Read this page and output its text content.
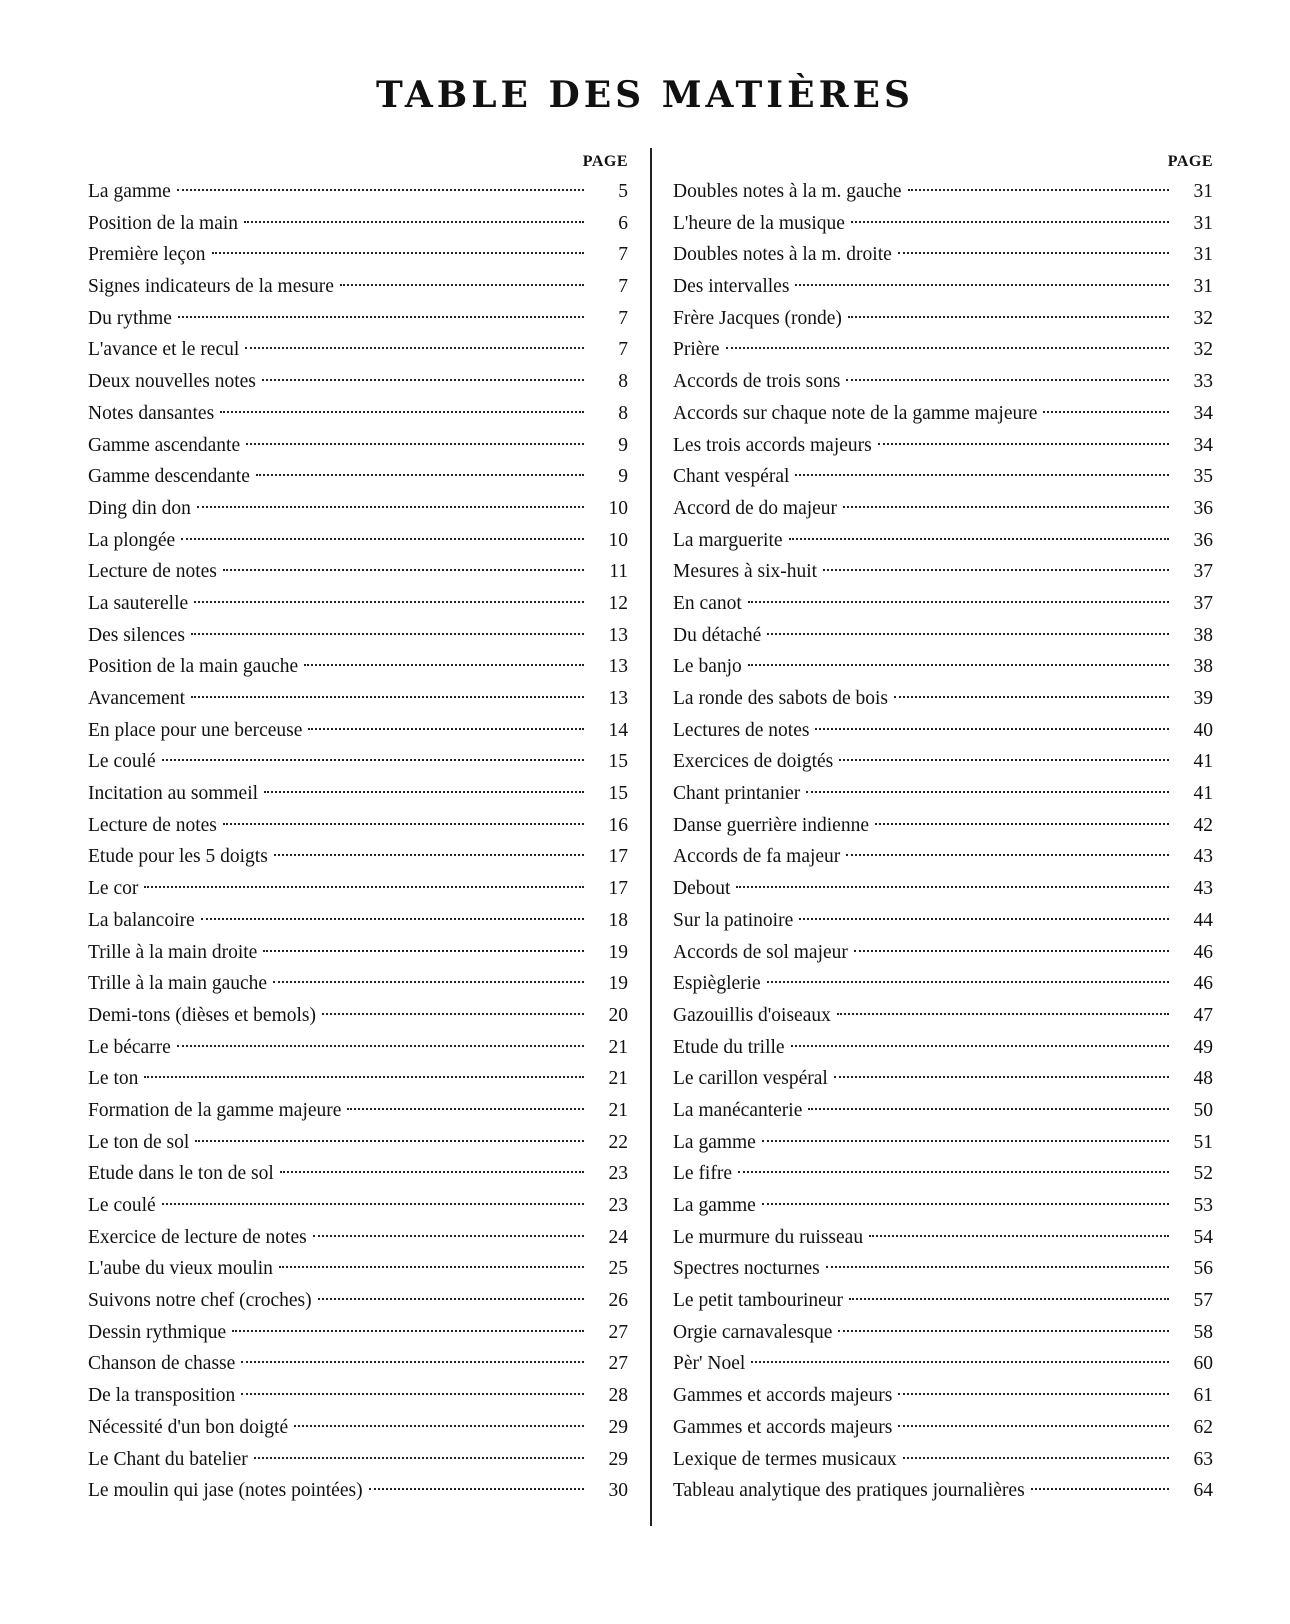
TABLE DES MATIÈRES
PAGE
La gamme	5
Position de la main	6
Première leçon	7
Signes indicateurs de la mesure	7
Du rythme	7
L'avance et le recul	7
Deux nouvelles notes	8
Notes dansantes	8
Gamme ascendante	9
Gamme descendante	9
Ding din don	10
La plongée	10
Lecture de notes	11
La sauterelle	12
Des silences	13
Position de la main gauche	13
Avancement	13
En place pour une berceuse	14
Le coulé	15
Incitation au sommeil	15
Lecture de notes	16
Etude pour les 5 doigts	17
Le cor	17
La balancoire	18
Trille à la main droite	19
Trille à la main gauche	19
Demi-tons (dièses et bemols)	20
Le bécarre	21
Le ton	21
Formation de la gamme majeure	21
Le ton de sol	22
Etude dans le ton de sol	23
Le coulé	23
Exercice de lecture de notes	24
L'aube du vieux moulin	25
Suivons notre chef (croches)	26
Dessin rythmique	27
Chanson de chasse	27
De la transposition	28
Nécessité d'un bon doigté	29
Le Chant du batelier	29
Le moulin qui jase (notes pointées)	30
PAGE
Doubles notes à la m. gauche	31
L'heure de la musique	31
Doubles notes à la m. droite	31
Des intervalles	31
Frère Jacques (ronde)	32
Prière	32
Accords de trois sons	33
Accords sur chaque note de la gamme majeure	34
Les trois accords majeurs	34
Chant vespéral	35
Accord de do majeur	36
La marguerite	36
Mesures à six-huit	37
En canot	37
Du détaché	38
Le banjo	38
La ronde des sabots de bois	39
Lectures de notes	40
Exercices de doigtés	41
Chant printanier	41
Danse guerrière indienne	42
Accords de fa majeur	43
Debout	43
Sur la patinoire	44
Accords de sol majeur	46
Espièglerie	46
Gazouillis d'oiseaux	47
Etude du trille	49
Le carillon vespéral	48
La manécanterie	50
La gamme	51
Le fifre	52
La gamme	53
Le murmure du ruisseau	54
Spectres nocturnes	56
Le petit tambourineur	57
Orgie carnavalesque	58
Pèr' Noel	60
Gammes et accords majeurs	61
Gammes et accords majeurs	62
Lexique de termes musicaux	63
Tableau analytique des pratiques journalières	64
